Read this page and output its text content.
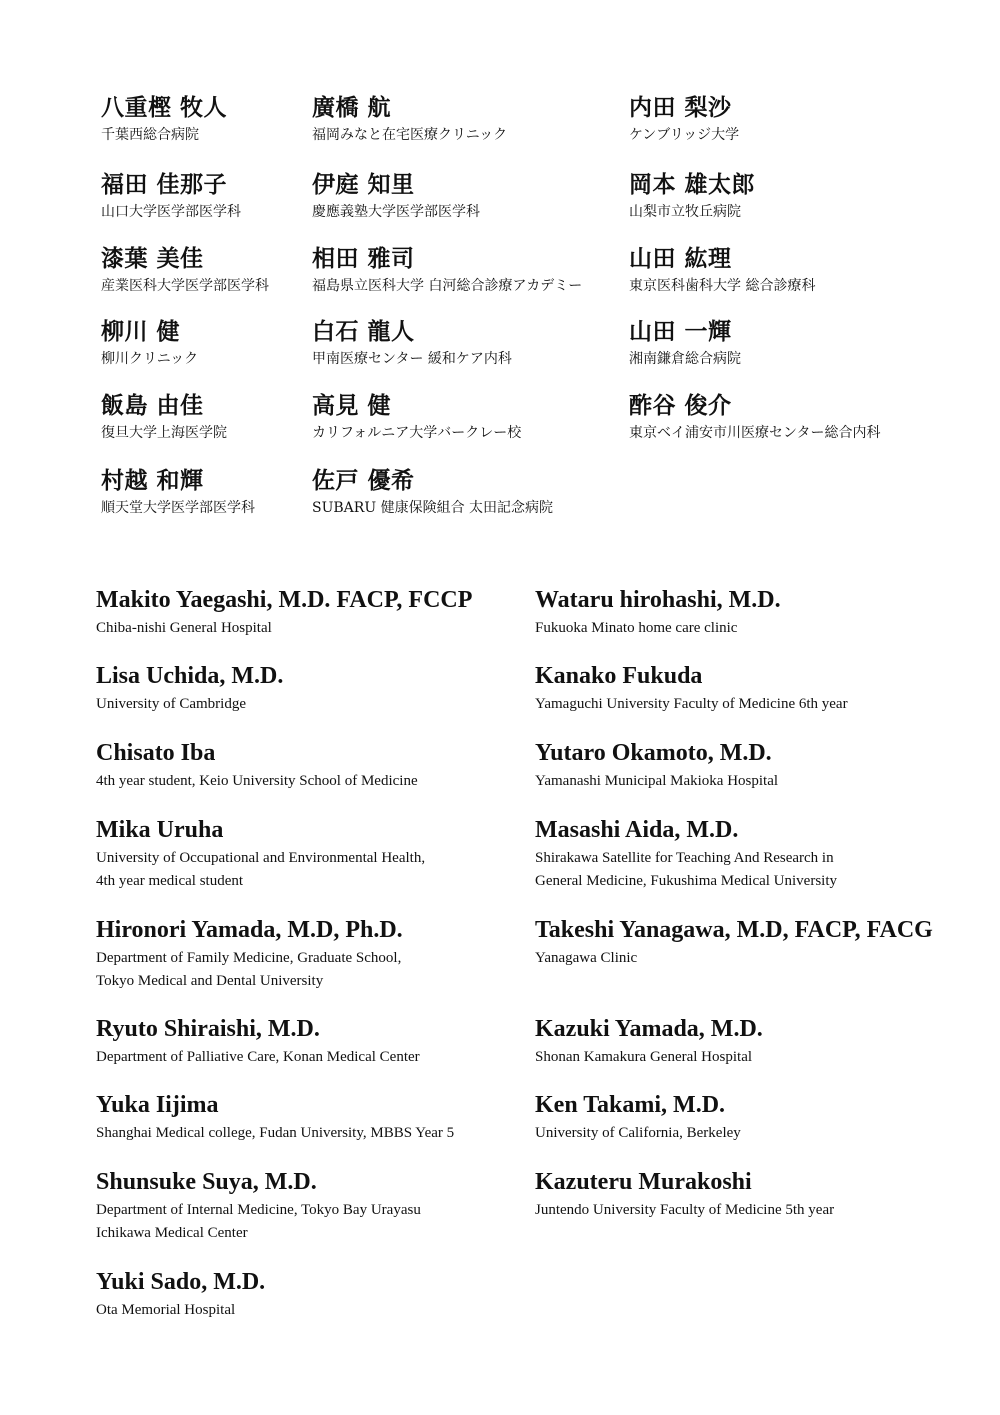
八重樫 牧人
千葉西総合病院
廣橋 航
福岡みなと在宅医療クリニック
内田 梨沙
ケンブリッジ大学
福田 佳那子
山口大学医学部医学科
伊庭 知里
慶應義塾大学医学部医学科
岡本 雄太郎
山梨市立牧丘病院
漆葉 美佳
産業医科大学医学部医学科
相田 雅司
福島県立医科大学 白河総合診療アカデミー
山田 紘理
東京医科歯科大学 総合診療科
柳川 健
柳川クリニック
白石 龍人
甲南医療センター 緩和ケア内科
山田 一輝
湘南鎌倉総合病院
飯島 由佳
復旦大学上海医学院
高見 健
カリフォルニア大学バークレー校
酢谷 俊介
東京ベイ浦安市川医療センター総合内科
村越 和輝
順天堂大学医学部医学科
佐戸 優希
SUBARU 健康保険組合 太田記念病院
Makito Yaegashi, M.D. FACP, FCCP
Chiba-nishi General Hospital
Wataru hirohashi, M.D.
Fukuoka Minato home care clinic
Lisa Uchida, M.D.
University of Cambridge
Kanako Fukuda
Yamaguchi University Faculty of Medicine 6th year
Chisato Iba
4th year student, Keio University School of Medicine
Yutaro Okamoto, M.D.
Yamanashi Municipal Makioka Hospital
Mika Uruha
University of Occupational and Environmental Health,
4th year medical student
Masashi Aida, M.D.
Shirakawa Satellite for Teaching And Research in
General Medicine, Fukushima Medical University
Hironori Yamada, M.D, Ph.D.
Department of Family Medicine, Graduate School,
Tokyo Medical and Dental University
Takeshi Yanagawa, M.D, FACP, FACG
Yanagawa Clinic
Ryuto Shiraishi, M.D.
Department of Palliative Care, Konan Medical Center
Kazuki Yamada, M.D.
Shonan Kamakura General Hospital
Yuka Iijima
Shanghai Medical college, Fudan University, MBBS Year 5
Ken Takami, M.D.
University of California, Berkeley
Shunsuke Suya, M.D.
Department of Internal Medicine, Tokyo Bay Urayasu
Ichikawa Medical Center
Kazuteru Murakoshi
Juntendo University Faculty of Medicine 5th year
Yuki Sado, M.D.
Ota Memorial Hospital
